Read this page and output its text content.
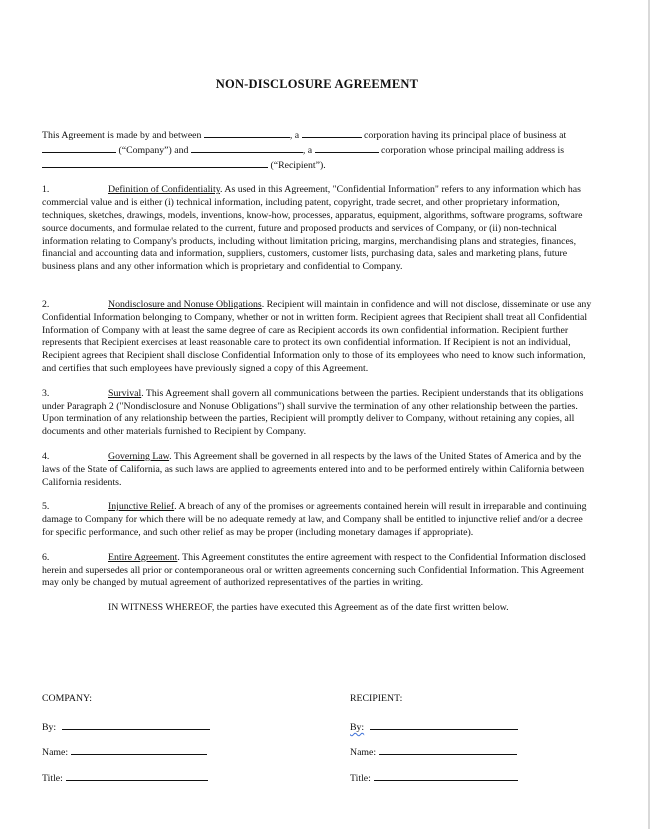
NON-DISCLOSURE AGREEMENT

This Agreement is made by and between	, a	corporation having its principal place of business at  (“Company”) and	, a	corporation whose principal mailing address is  (“Recipient”).

1.	Definition of Confidentiality. As used in this Agreement, "Confidential Information" refers to any information which has commercial value and is either (i) technical information, including patent, copyright, trade secret, and other proprietary information, techniques, sketches, drawings, models, inventions, know-how, processes, apparatus, equipment, algorithms, software programs, software source documents, and formulae related to the current, future and proposed products and services of Company, or (ii) non-technical information relating to Company's products, including without limitation pricing, margins, merchandising plans and strategies, finances, financial and accounting data and information, suppliers, customers, customer lists, purchasing data, sales and marketing plans, future business plans and any other information which is proprietary and confidential to Company.

2.	Nondisclosure and Nonuse Obligations. Recipient will maintain in confidence and will not disclose, disseminate or use any Confidential Information belonging to Company, whether or not in written form. Recipient agrees that Recipient shall treat all Confidential Information of Company with at least the same degree of care as Recipient accords its own confidential information. Recipient further represents that Recipient exercises at least reasonable care to protect its own confidential information. If Recipient is not an individual, Recipient agrees that Recipient shall disclose Confidential Information only to those of its employees who need to know such information, and certifies that such employees have previously signed a copy of this Agreement.

3.	Survival. This Agreement shall govern all communications between the parties. Recipient understands that its obligations under Paragraph 2 ("Nondisclosure and Nonuse Obligations") shall survive the termination of any other relationship between the parties. Upon termination of any relationship between the parties, Recipient will promptly deliver to Company, without retaining any copies, all documents and other materials furnished to Recipient by Company.

4.	Governing Law. This Agreement shall be governed in all respects by the laws of the United States of America and by the laws of the State of California, as such laws are applied to agreements entered into and to be performed entirely within California between California residents.

5.	Injunctive Relief. A breach of any of the promises or agreements contained herein will result in irreparable and continuing damage to Company for which there will be no adequate remedy at law, and Company shall be entitled to injunctive relief and/or a decree for specific performance, and such other relief as may be proper (including monetary damages if appropriate).

6.	Entire Agreement. This Agreement constitutes the entire agreement with respect to the Confidential Information disclosed herein and supersedes all prior or contemporaneous oral or written agreements concerning such Confidential Information. This Agreement may only be changed by mutual agreement of authorized representatives of the parties in writing.

IN WITNESS WHEREOF, the parties have executed this Agreement as of the date first written below.

COMPANY:
By:
Name:
Title:
RECIPIENT:
By:
Name:
Title:
